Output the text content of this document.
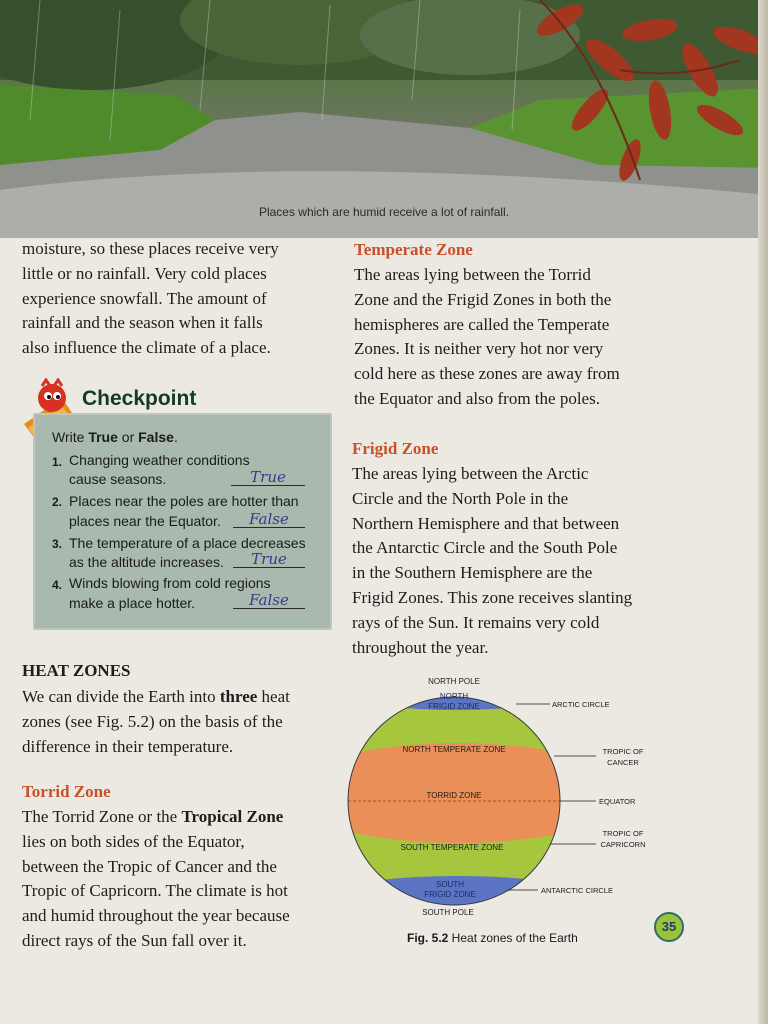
Places which are humid receive a lot of rainfall.
moisture, so these places receive very
little or no rainfall. Very cold places
experience snowfall. The amount of
rainfall and the season when it falls
also influence the climate of a place.
Checkpoint
Write True or False.
1. Changing weather conditions
cause seasons.	True
2. Places near the poles are hotter than
places near the Equator.	False
3. The temperature of a place decreases
as the altitude increases.	True
4. Winds blowing from cold regions
make a place hotter.	False
HEAT ZONES
We can divide the Earth into three heat
zones (see Fig. 5.2) on the basis of the
difference in their temperature.
Torrid Zone
The Torrid Zone or the Tropical Zone
lies on both sides of the Equator,
between the Tropic of Cancer and the
Tropic of Capricorn. The climate is hot
and humid throughout the year because
direct rays of the Sun fall over it.
Temperate Zone
The areas lying between the Torrid
Zone and the Frigid Zones in both the
hemispheres are called the Temperate
Zones. It is neither very hot nor very
cold here as these zones are away from
the Equator and also from the poles.
Frigid Zone
The areas lying between the Arctic
Circle and the North Pole in the
Northern Hemisphere and that between
the Antarctic Circle and the South Pole
in the Southern Hemisphere are the
Frigid Zones. This zone receives slanting
rays of the Sun. It remains very cold
throughout the year.
NORTH POLE
NORTH
FRIGID ZONE
NORTH TEMPERATE ZONE
TORRID ZONE
SOUTH TEMPERATE ZONE
SOUTH
FRIGID ZONE
SOUTH POLE
ARCTIC CIRCLE
TROPIC OF
CANCER
EQUATOR
TROPIC OF
CAPRICORN
ANTARCTIC CIRCLE
Fig. 5.2 Heat zones of the Earth
35
